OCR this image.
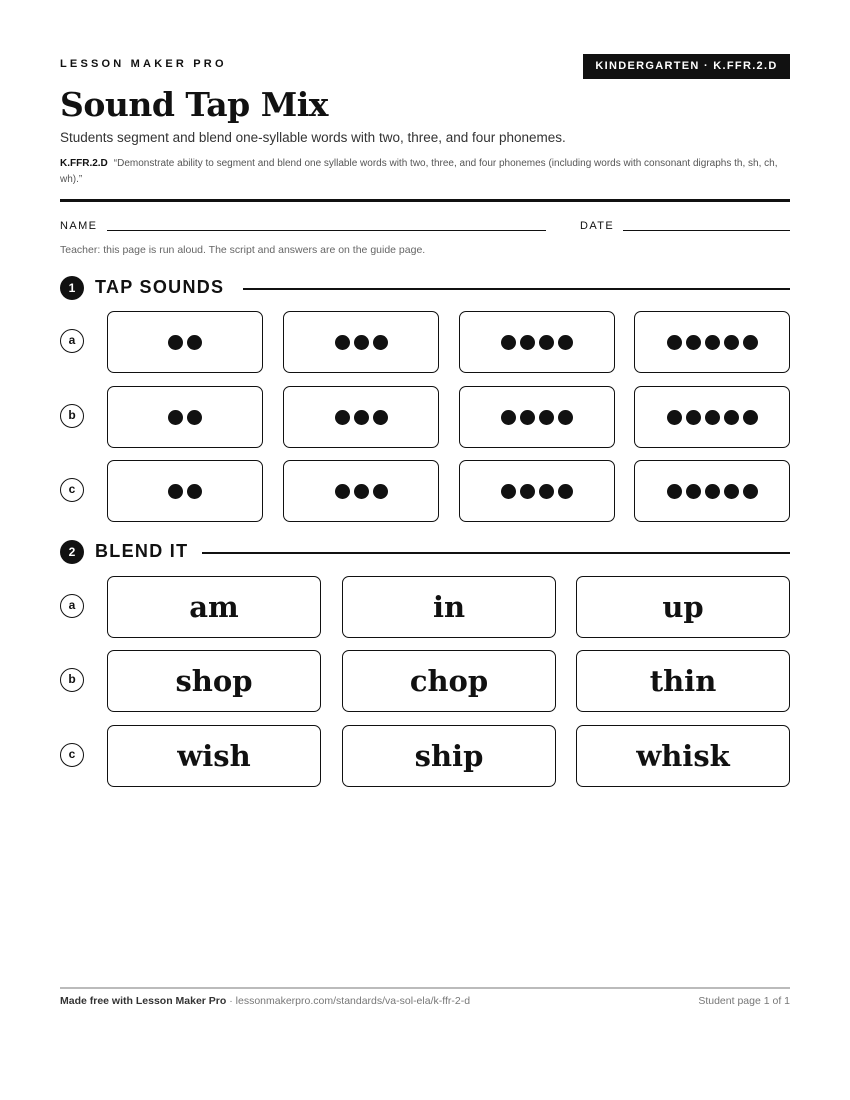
LESSON MAKER PRO	KINDERGARTEN · K.FFR.2.D
Sound Tap Mix
Students segment and blend one-syllable words with two, three, and four phonemes.
K.FFR.2.D “Demonstrate ability to segment and blend one syllable words with two, three, and four phonemes (including words with consonant digraphs th, sh, ch, wh).”
NAME	DATE
Teacher: this page is run aloud. The script and answers are on the guide page.
1	TAP SOUNDS
a
b
c
2	BLEND IT
a	am	in	up
b	shop	chop	thin
c	wish	ship	whisk
Made free with Lesson Maker Pro · lessonmakerpro.com/standards/va-sol-ela/k-ffr-2-d	Student page 1 of 1
